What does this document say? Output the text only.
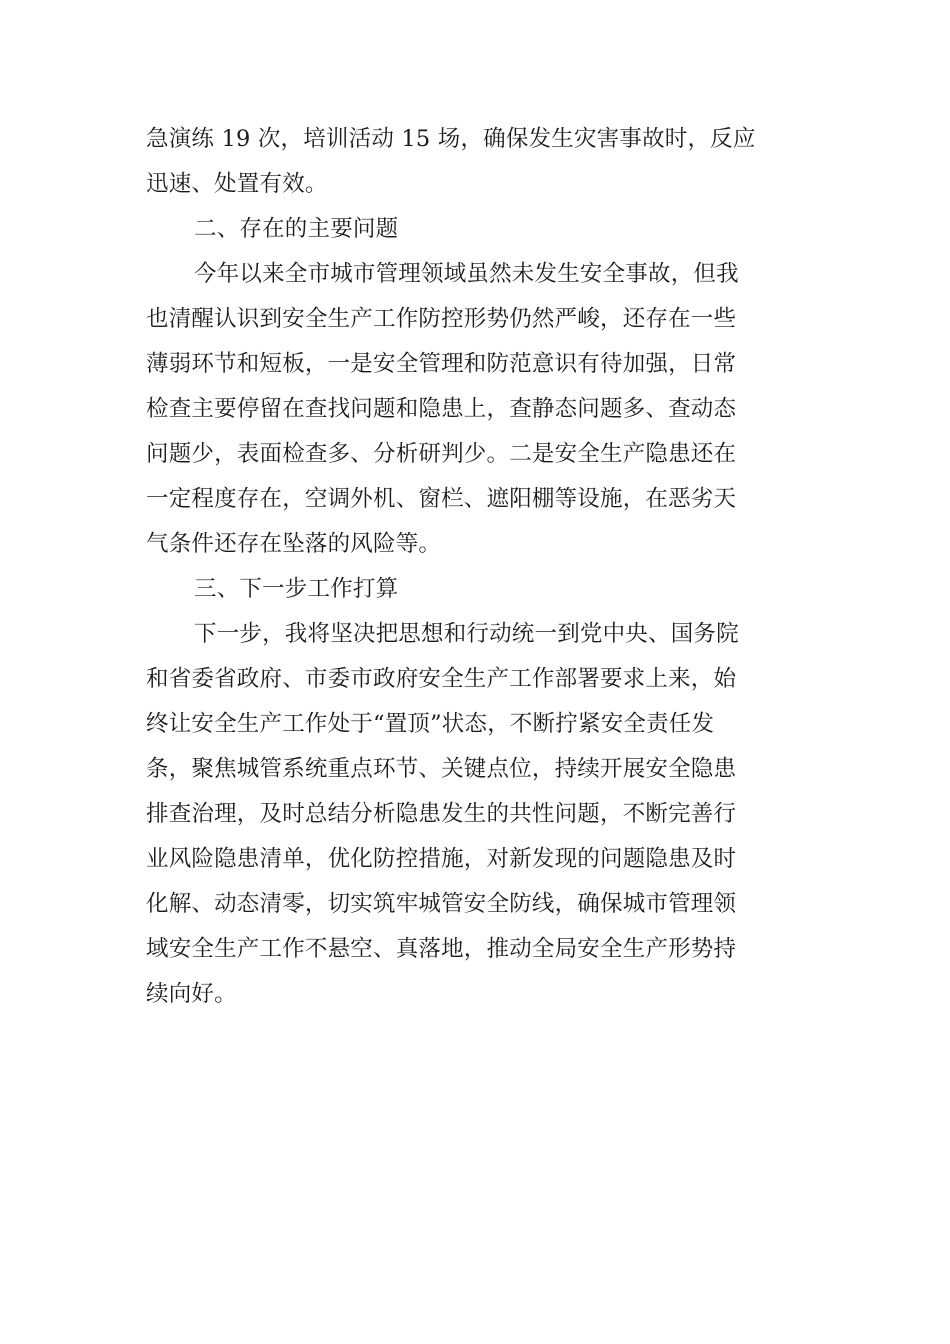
急演练 19 次，培训活动 15 场，确保发生灾害事故时，反应
迅速、处置有效。
二、存在的主要问题
今年以来全市城市管理领域虽然未发生安全事故，但我
也清醒认识到安全生产工作防控形势仍然严峻，还存在一些
薄弱环节和短板，一是安全管理和防范意识有待加强，日常
检查主要停留在查找问题和隐患上，查静态问题多、查动态
问题少，表面检查多、分析研判少。二是安全生产隐患还在
一定程度存在，空调外机、窗栏、遮阳棚等设施，在恶劣天
气条件还存在坠落的风险等。
三、下一步工作打算
下一步，我将坚决把思想和行动统一到党中央、国务院
和省委省政府、市委市政府安全生产工作部署要求上来，始
终让安全生产工作处于“置顶”状态，不断拧紧安全责任发
条，聚焦城管系统重点环节、关键点位，持续开展安全隐患
排查治理，及时总结分析隐患发生的共性问题，不断完善行
业风险隐患清单，优化防控措施，对新发现的问题隐患及时
化解、动态清零，切实筑牢城管安全防线，确保城市管理领
域安全生产工作不悬空、真落地，推动全局安全生产形势持
续向好。
